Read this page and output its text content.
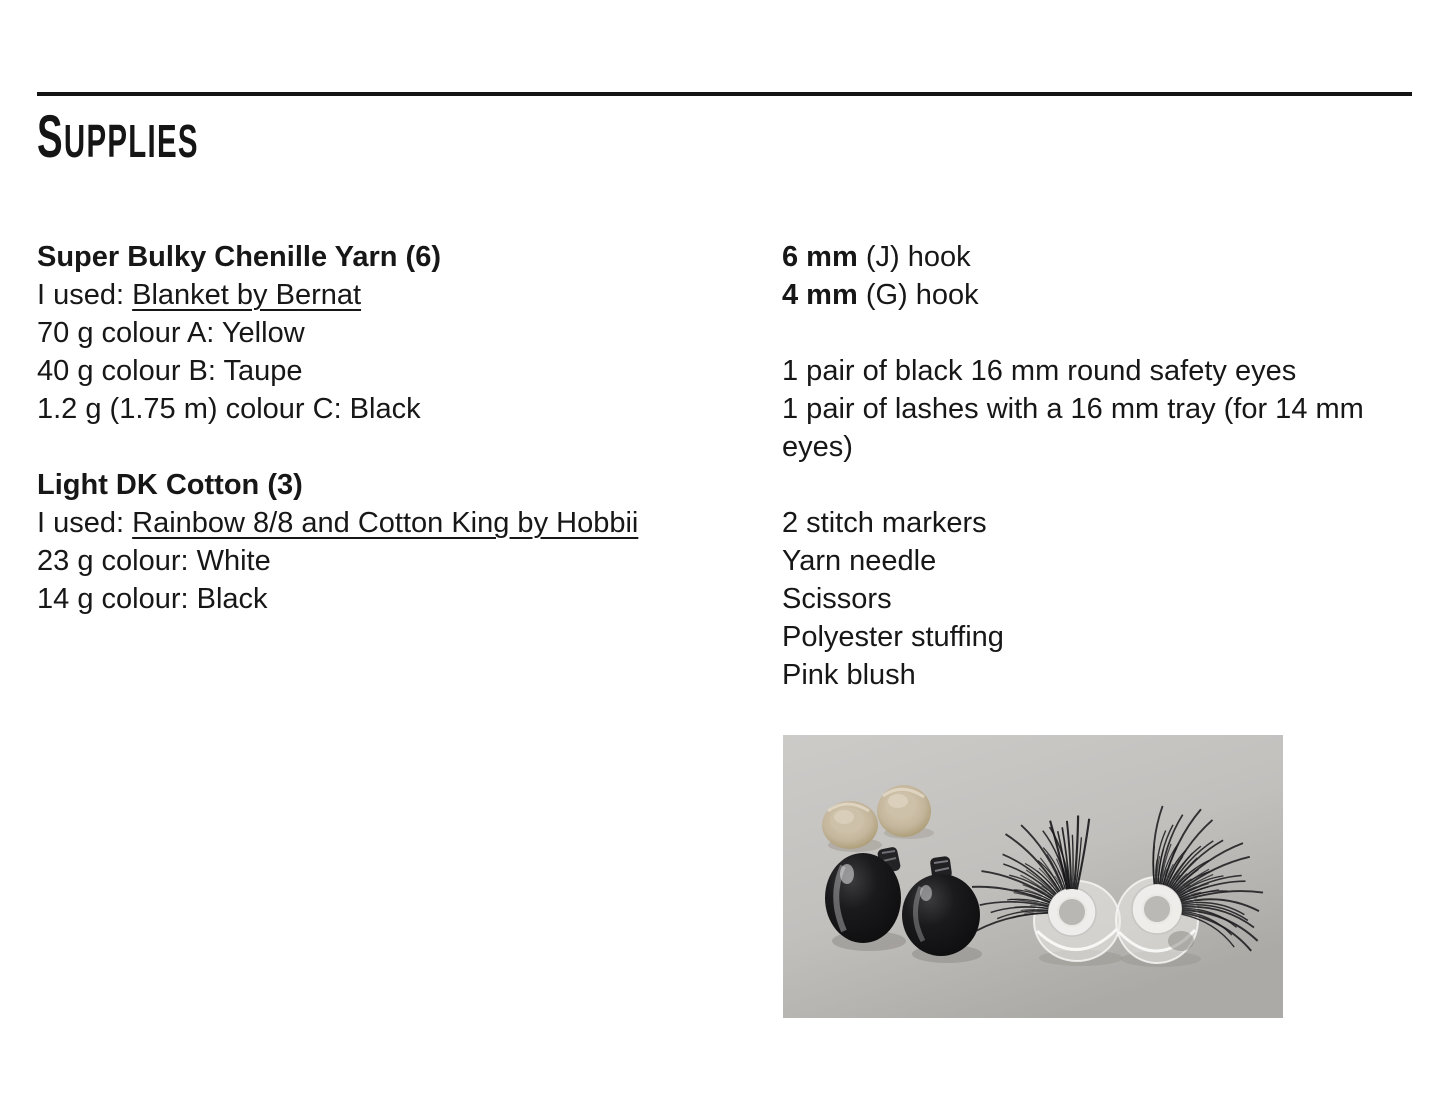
SUPPLIES

Super Bulky Chenille Yarn (6)

I used: Blanket by Bernat

70 g colour A: Yellow

40 g colour B: Taupe

1.2 g (1.75 m) colour C: Black

Light DK Cotton (3)

I used: Rainbow 8/8 and Cotton King by Hobbii

23 g colour: White

14 g colour: Black

6 mm (J) hook

4 mm (G) hook

1 pair of black 16 mm round safety eyes

1 pair of lashes with a 16 mm tray (for 14 mm eyes)

2 stitch markers

Yarn needle

Scissors

Polyester stuffing

Pink blush
